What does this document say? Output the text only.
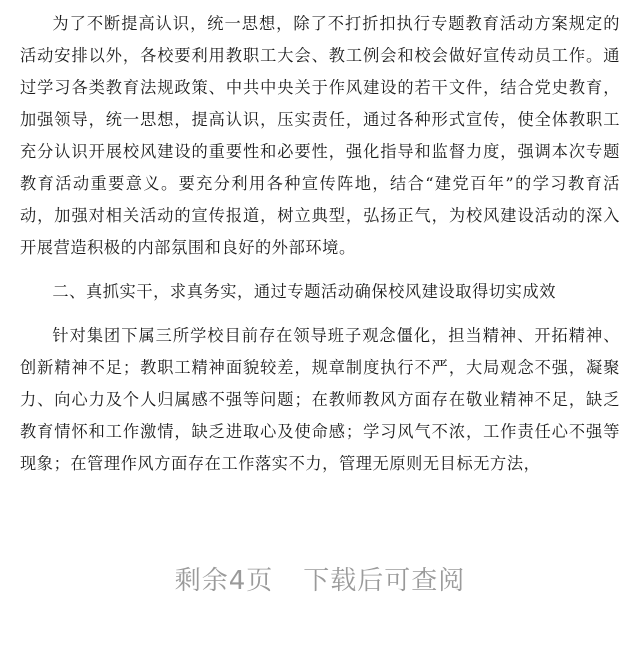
为了不断提高认识，统一思想，除了不打折扣执行专题教育活动方案规定的活动安排以外，各校要利用教职工大会、教工例会和校会做好宣传动员工作。通过学习各类教育法规政策、中共中央关于作风建设的若干文件，结合党史教育，加强领导，统一思想，提高认识，压实责任，通过各种形式宣传，使全体教职工充分认识开展校风建设的重要性和必要性，强化指导和监督力度，强调本次专题教育活动重要意义。要充分利用各种宣传阵地，结合“建党百年”的学习教育活动，加强对相关活动的宣传报道，树立典型，弘扬正气，为校风建设活动的深入开展营造积极的内部氛围和良好的外部环境。

二、真抓实干，求真务实，通过专题活动确保校风建设取得切实成效

针对集团下属三所学校目前存在领导班子观念僵化，担当精神、开拓精神、创新精神不足；教职工精神面貌较差，规章制度执行不严，大局观念不强，凝聚力、向心力及个人归属感不强等问题；在教师教风方面存在敬业精神不足，缺乏教育情怀和工作激情，缺乏进取心及使命感；学习风气不浓，工作责任心不强等现象；在管理作风方面存在工作落实不力，管理无原则无目标无方法，

剩余4页 下载后可查阅
